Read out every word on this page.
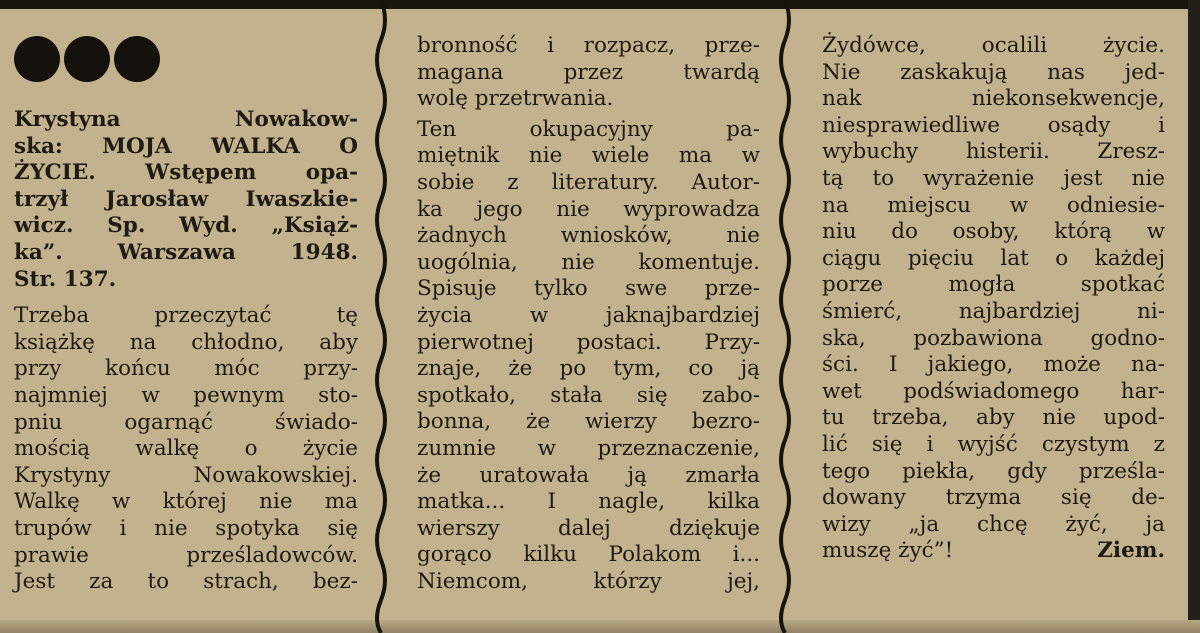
Krystyna Nowakow-

ska: MOJA WALKA O

ŻYCIE. Wstępem opa-

trzył Jarosław Iwaszkie-

wicz. Sp. Wyd. „Książ-

ka”. Warszawa 1948.

Str. 137.

Trzeba przeczytać tę

książkę na chłodno, aby

przy końcu móc przy-

najmniej w pewnym sto-

pniu ogarnąć świado-

mością walkę o życie

Krystyny Nowakowskiej.

Walkę w której nie ma

trupów i nie spotyka się

prawie prześladowców.

Jest za to strach, bez-

bronność i rozpacz, prze-

magana przez twardą

wolę przetrwania.

Ten okupacyjny pa-

miętnik nie wiele ma w

sobie z literatury. Autor-

ka jego nie wyprowadza

żadnych wniosków, nie

uogólnia, nie komentuje.

Spisuje tylko swe prze-

życia w jaknajbardziej

pierwotnej postaci. Przy-

znaje, że po tym, co ją

spotkało, stała się zabo-

bonna, że wierzy bezro-

zumnie w przeznaczenie,

że uratowała ją zmarła

matka... I nagle, kilka

wierszy dalej dziękuje

gorąco kilku Polakom i...

Niemcom, którzy jej,

Żydówce, ocalili życie.

Nie zaskakują nas jed-

nak niekonsekwencje,

niesprawiedliwe osądy i

wybuchy histerii. Zresz-

tą to wyrażenie jest nie

na miejscu w odniesie-

niu do osoby, którą w

ciągu pięciu lat o każdej

porze mogła spotkać

śmierć, najbardziej ni-

ska, pozbawiona godno-

ści. I jakiego, może na-

wet podświadomego har-

tu trzeba, aby nie upod-

lić się i wyjść czystym z

tego piekła, gdy prześla-

dowany trzyma się de-

wizy „ja chcę żyć, ja

muszę żyć”!	Ziem.
